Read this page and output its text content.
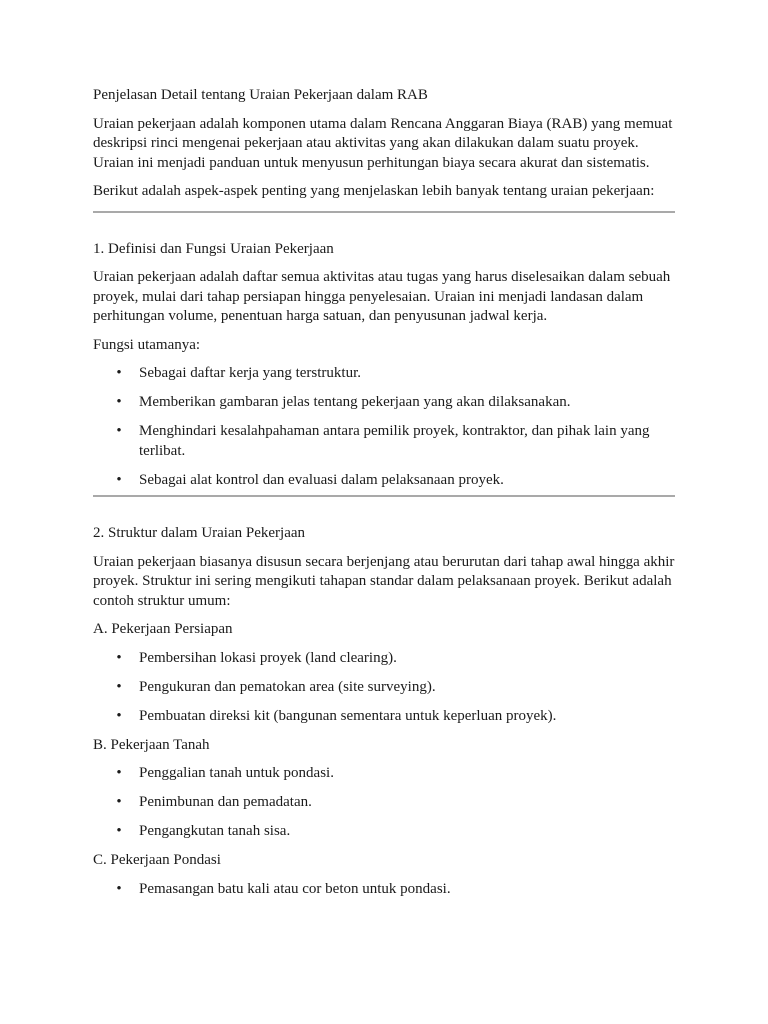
Penjelasan Detail tentang Uraian Pekerjaan dalam RAB

Uraian pekerjaan adalah komponen utama dalam Rencana Anggaran Biaya (RAB) yang memuat deskripsi rinci mengenai pekerjaan atau aktivitas yang akan dilakukan dalam suatu proyek. Uraian ini menjadi panduan untuk menyusun perhitungan biaya secara akurat dan sistematis.

Berikut adalah aspek-aspek penting yang menjelaskan lebih banyak tentang uraian pekerjaan:

1. Definisi dan Fungsi Uraian Pekerjaan

Uraian pekerjaan adalah daftar semua aktivitas atau tugas yang harus diselesaikan dalam sebuah proyek, mulai dari tahap persiapan hingga penyelesaian. Uraian ini menjadi landasan dalam perhitungan volume, penentuan harga satuan, dan penyusunan jadwal kerja.

Fungsi utamanya:

• Sebagai daftar kerja yang terstruktur.
• Memberikan gambaran jelas tentang pekerjaan yang akan dilaksanakan.
• Menghindari kesalahpahaman antara pemilik proyek, kontraktor, dan pihak lain yang terlibat.
• Sebagai alat kontrol dan evaluasi dalam pelaksanaan proyek.

2. Struktur dalam Uraian Pekerjaan

Uraian pekerjaan biasanya disusun secara berjenjang atau berurutan dari tahap awal hingga akhir proyek. Struktur ini sering mengikuti tahapan standar dalam pelaksanaan proyek. Berikut adalah contoh struktur umum:

A. Pekerjaan Persiapan

• Pembersihan lokasi proyek (land clearing).
• Pengukuran dan pematokan area (site surveying).
• Pembuatan direksi kit (bangunan sementara untuk keperluan proyek).

B. Pekerjaan Tanah

• Penggalian tanah untuk pondasi.
• Penimbunan dan pemadatan.
• Pengangkutan tanah sisa.

C. Pekerjaan Pondasi

• Pemasangan batu kali atau cor beton untuk pondasi.
